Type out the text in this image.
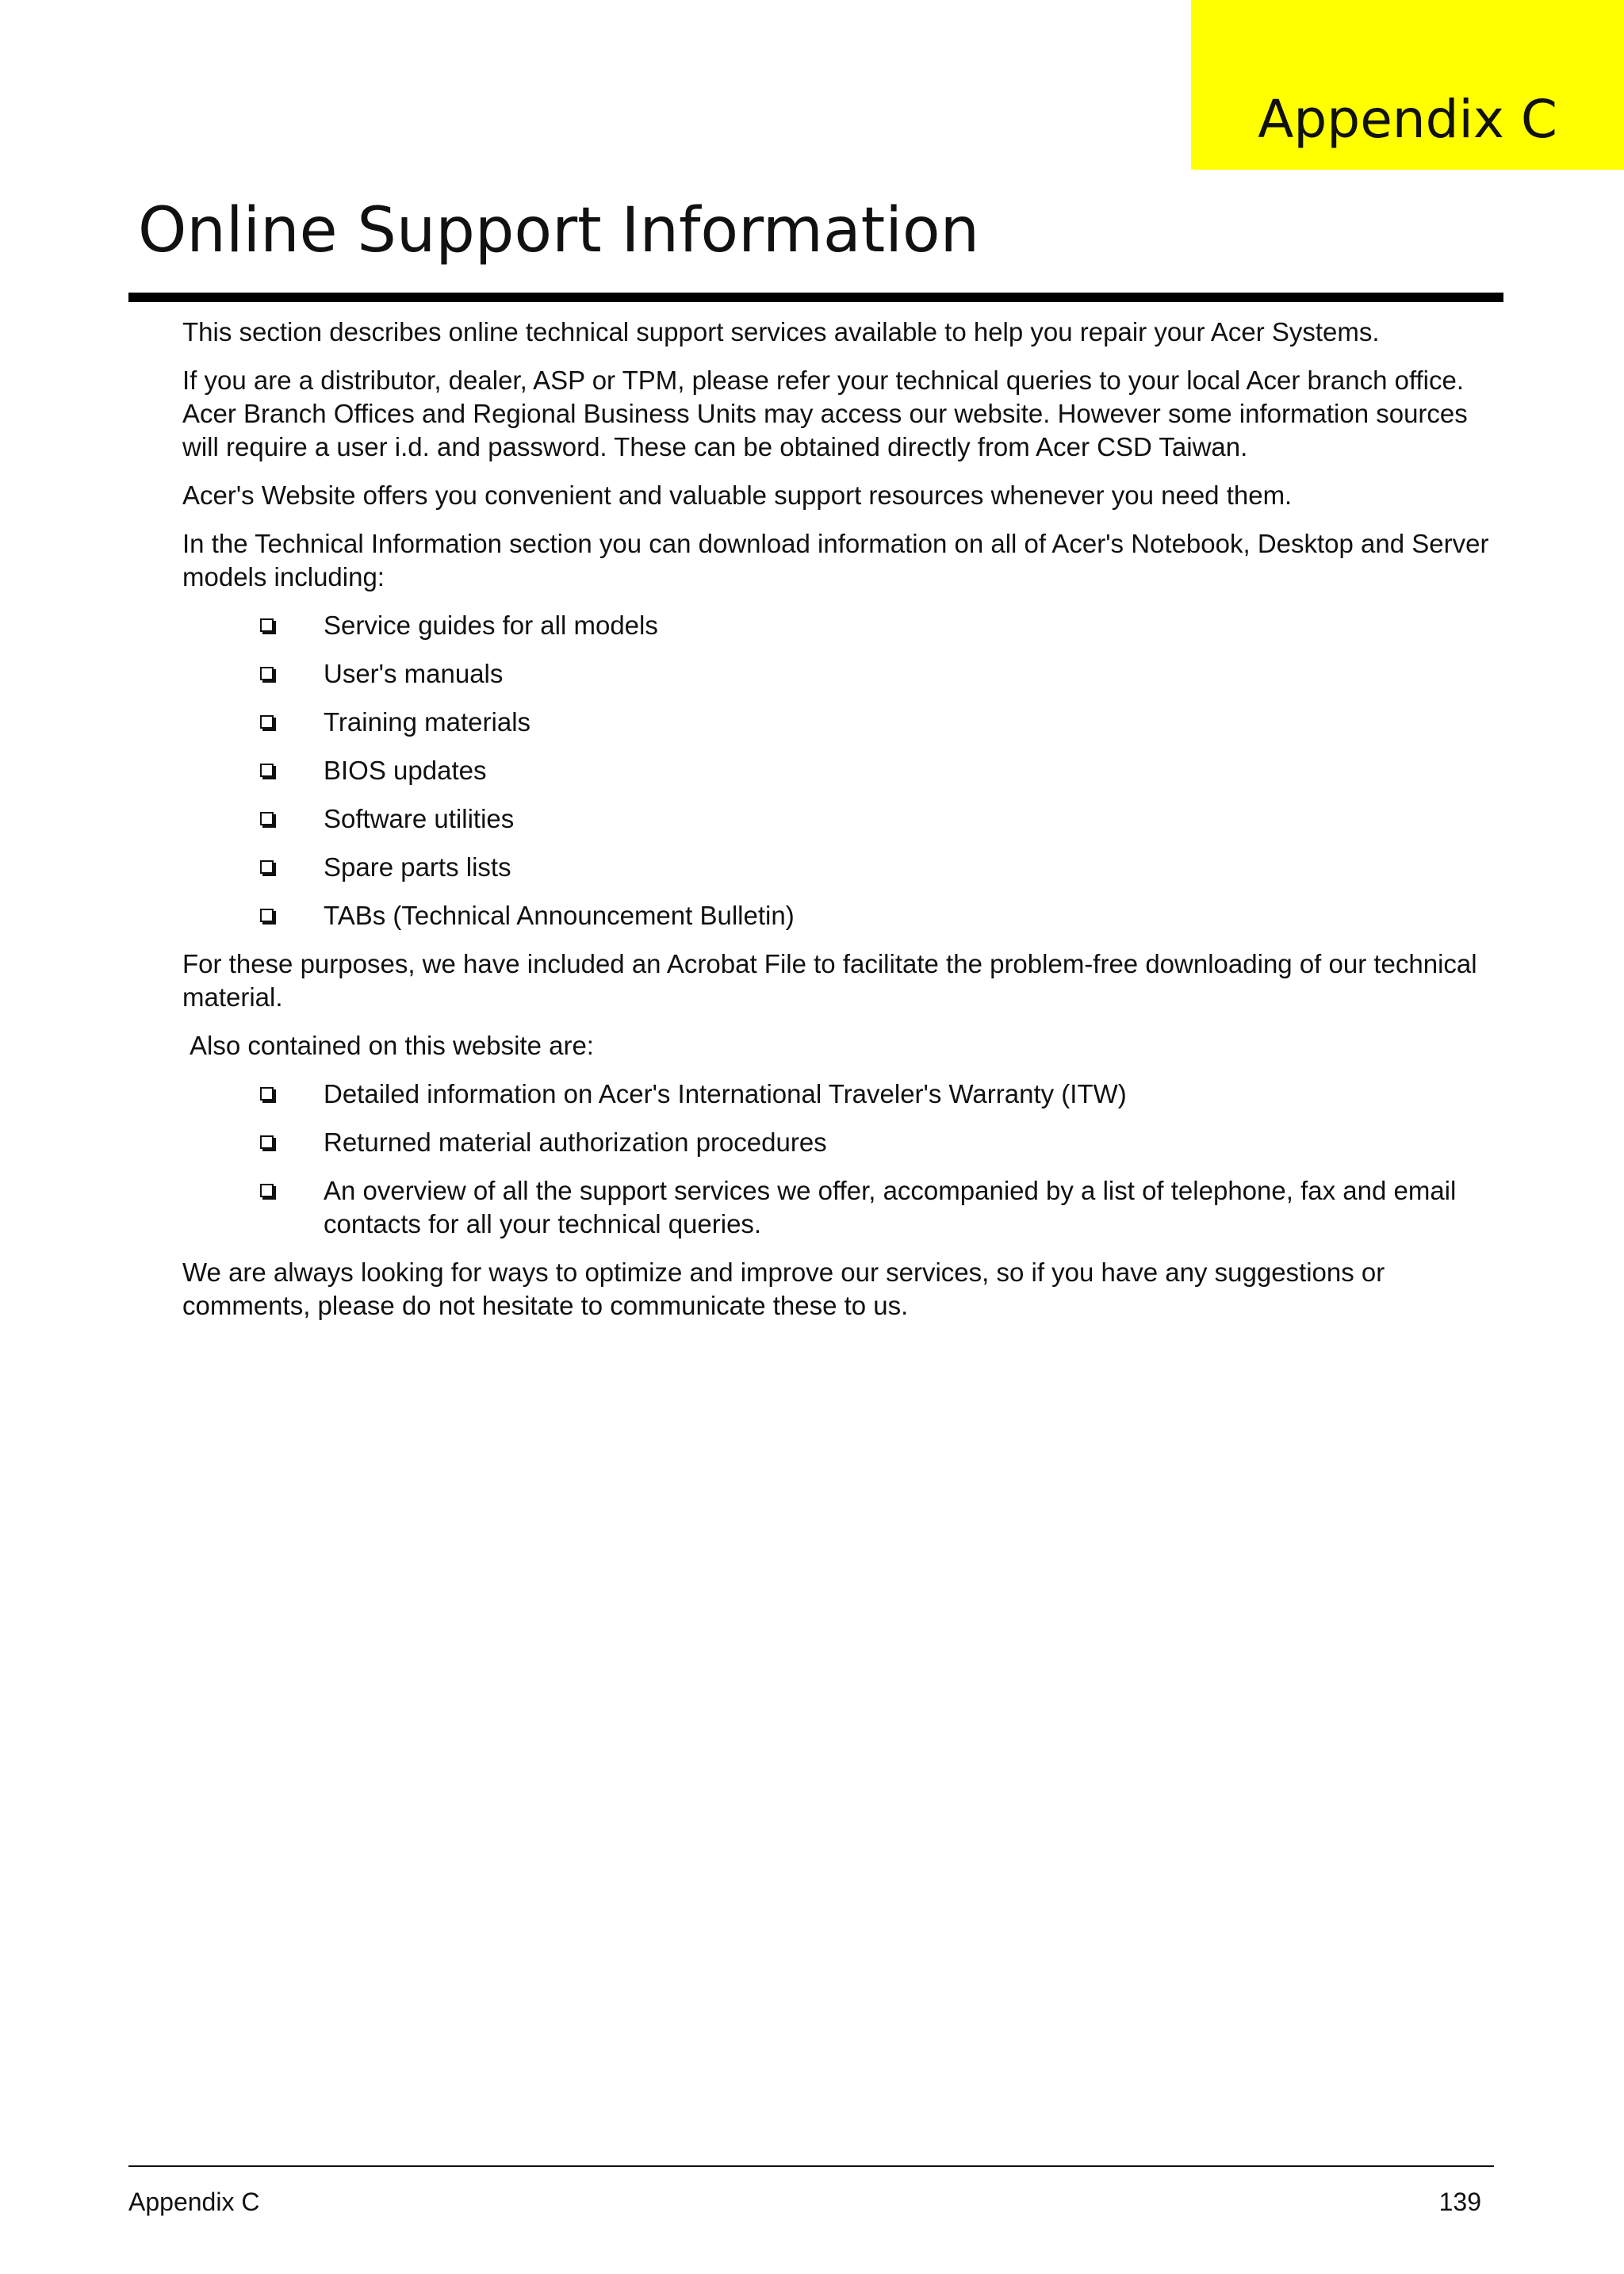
Appendix C
Online Support Information

This section describes online technical support services available to help you repair your Acer Systems.

If you are a distributor, dealer, ASP or TPM, please refer your technical queries to your local Acer branch office. Acer Branch Offices and Regional Business Units may access our website. However some information sources will require a user i.d. and password. These can be obtained directly from Acer CSD Taiwan.

Acer's Website offers you convenient and valuable support resources whenever you need them.

In the Technical Information section you can download information on all of Acer's Notebook, Desktop and Server models including:

Service guides for all models
User's manuals
Training materials
BIOS updates
Software utilities
Spare parts lists
TABs (Technical Announcement Bulletin)

For these purposes, we have included an Acrobat File to facilitate the problem-free downloading of our technical material.

Also contained on this website are:

Detailed information on Acer's International Traveler's Warranty (ITW)
Returned material authorization procedures
An overview of all the support services we offer, accompanied by a list of telephone, fax and email contacts for all your technical queries.

We are always looking for ways to optimize and improve our services, so if you have any suggestions or comments, please do not hesitate to communicate these to us.

Appendix C	139
